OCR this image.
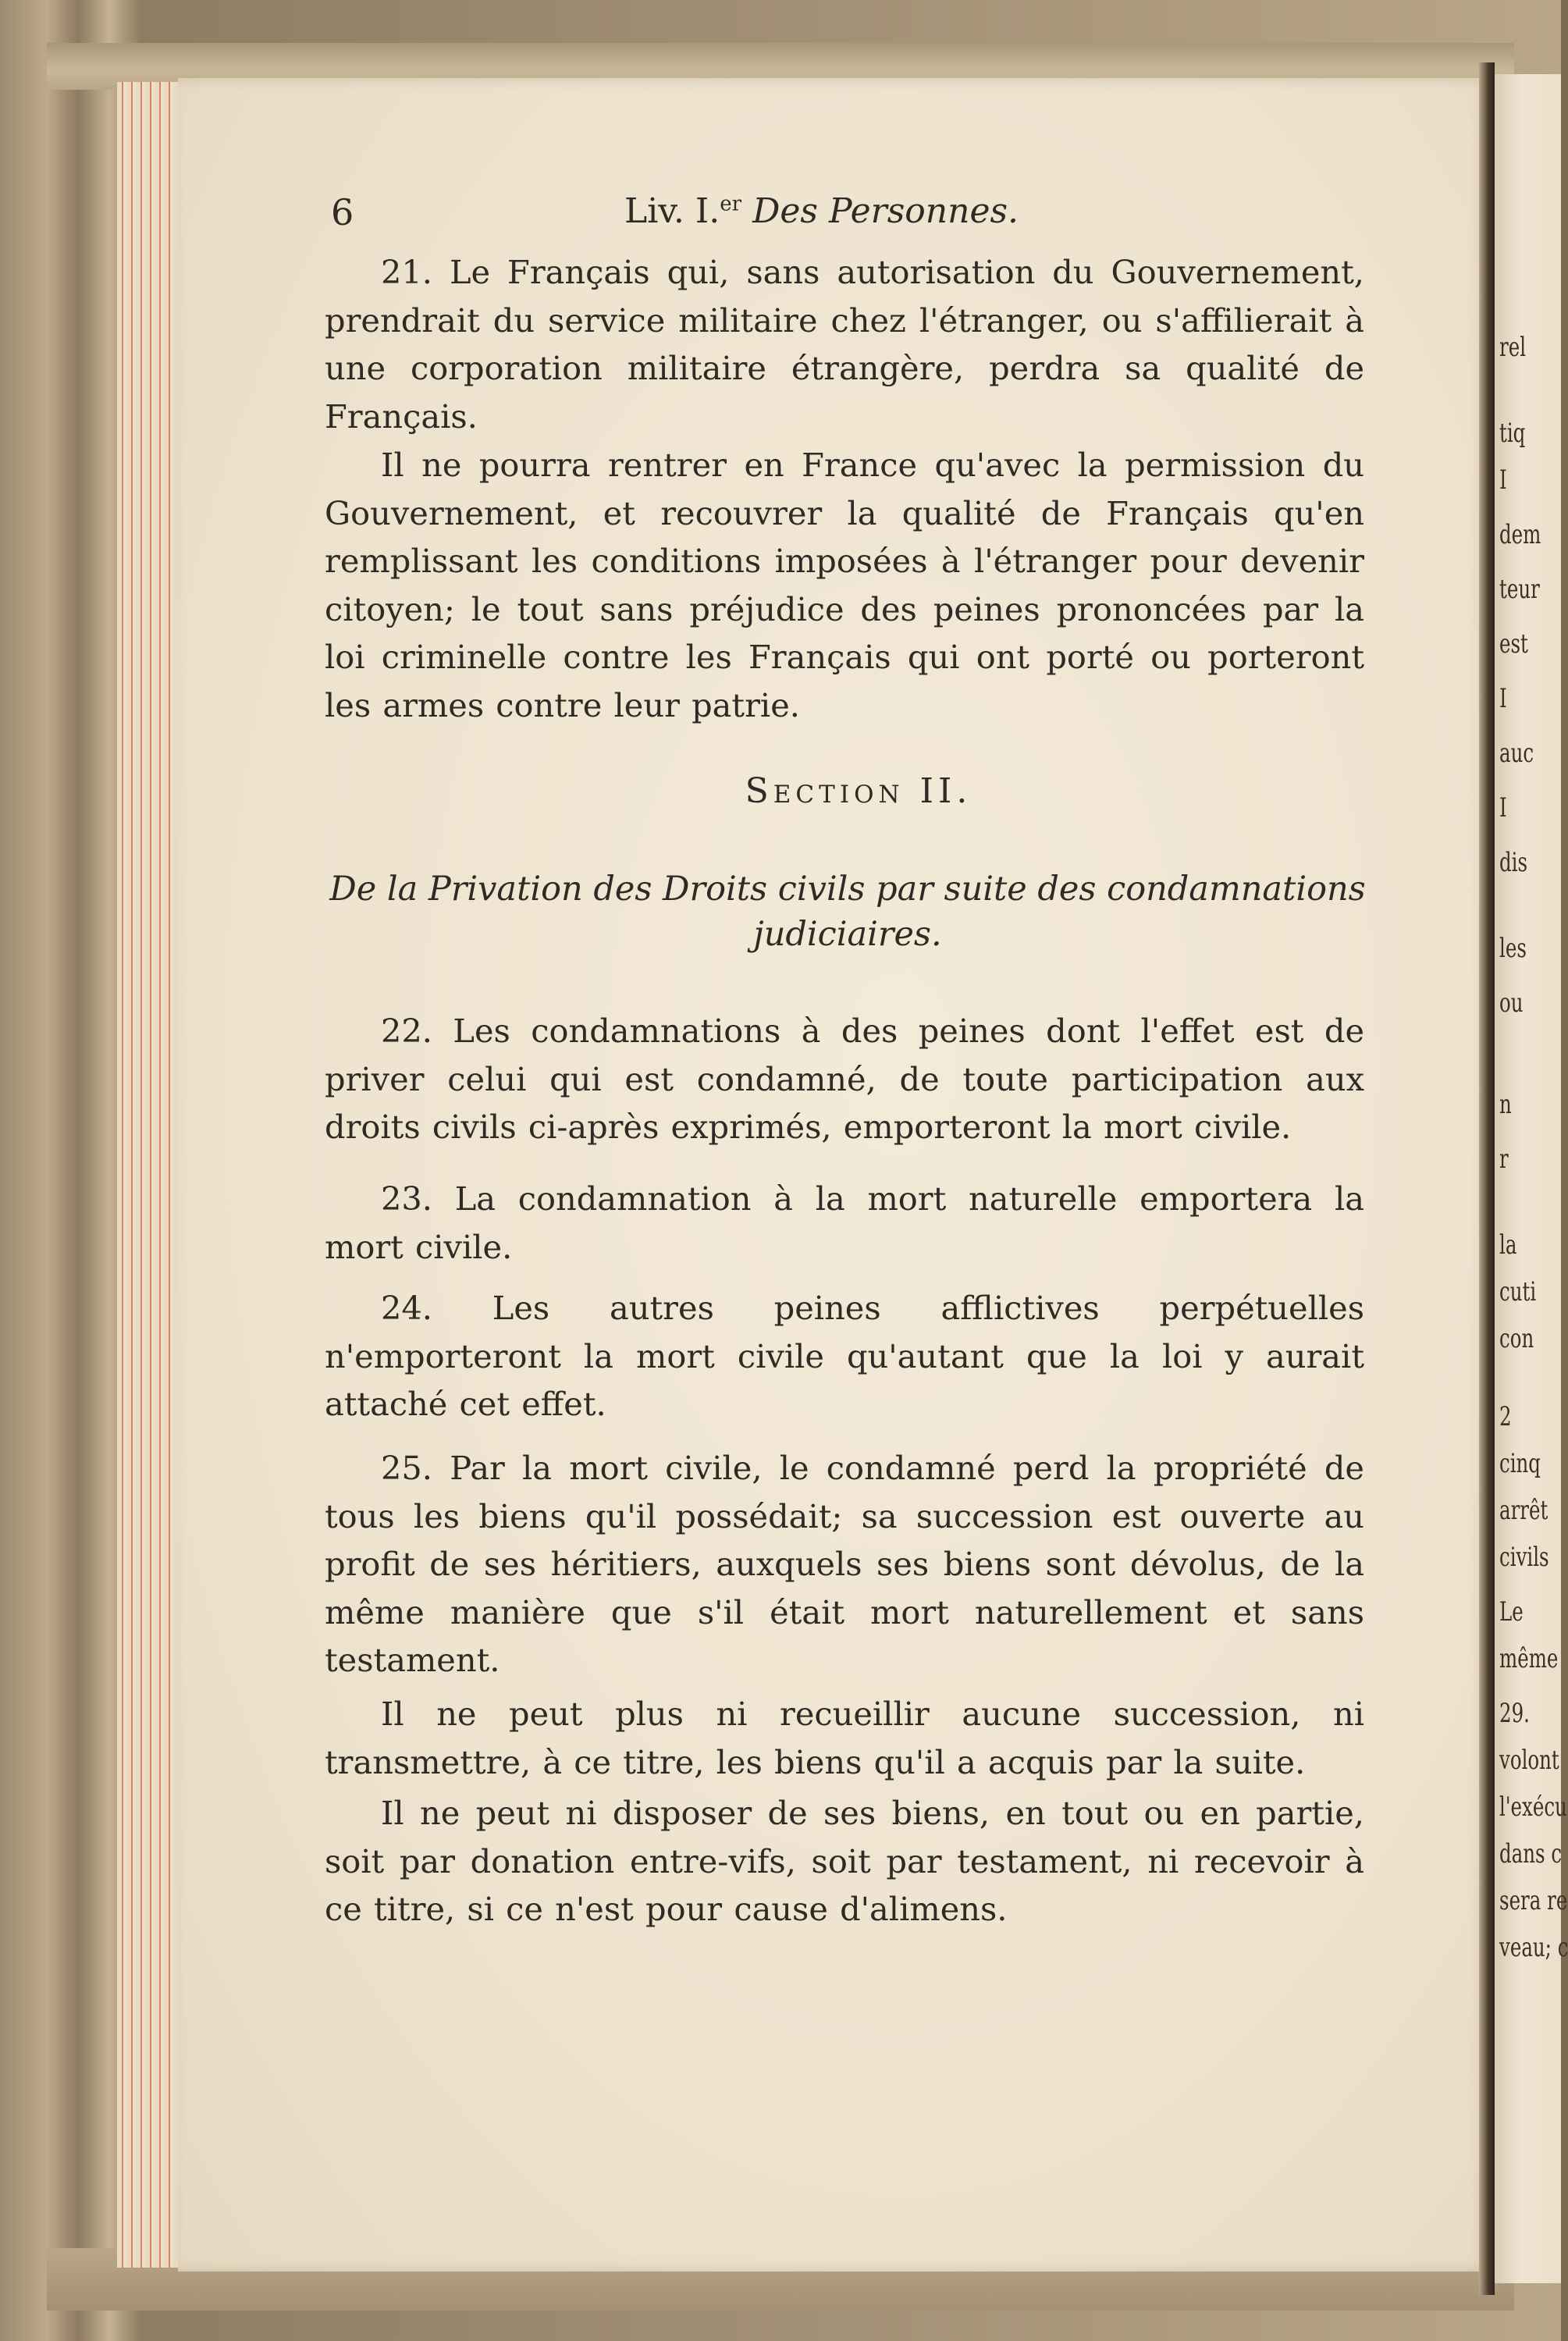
6	Liv. I.$^{er}$ Des Personnes.
21. Le Français qui, sans autorisation du Gouvernement, prendrait du service militaire chez l'étranger, ou s'affilierait à une corporation militaire étrangère, perdra sa qualité de Français.
Il ne pourra rentrer en France qu'avec la permission du Gouvernement, et recouvrer la qualité de Français qu'en remplissant les conditions imposées à l'étranger pour devenir citoyen; le tout sans préjudice des peines prononcées par la loi criminelle contre les Français qui ont porté ou porteront les armes contre leur patrie.
Section II.
De la Privation des Droits civils par suite des condamnations judiciaires.
22. Les condamnations à des peines dont l'effet est de priver celui qui est condamné, de toute participation aux droits civils ci-après exprimés, emporteront la mort civile.
23. La condamnation à la mort naturelle emportera la mort civile.
24. Les autres peines afflictives perpétuelles n'emporteront la mort civile qu'autant que la loi y aurait attaché cet effet.
25. Par la mort civile, le condamné perd la propriété de tous les biens qu'il possédait; sa succession est ouverte au profit de ses héritiers, auxquels ses biens sont dévolus, de la même manière que s'il était mort naturellement et sans testament.
Il ne peut plus ni recueillir aucune succession, ni transmettre, à ce titre, les biens qu'il a acquis par la suite.
Il ne peut ni disposer de ses biens, en tout ou en partie, soit par donation entre-vifs, soit par testament, ni recevoir à ce titre, si ce n'est pour cause d'alimens.
rel
tiq
I
dem
teur
est
I
auc
I
dis
les
ou
n
r
la
cuti
con
2
cinq
arrêt
civils
Le
même
29.
volont
l'exécu
dans c
sera re
veau; c
